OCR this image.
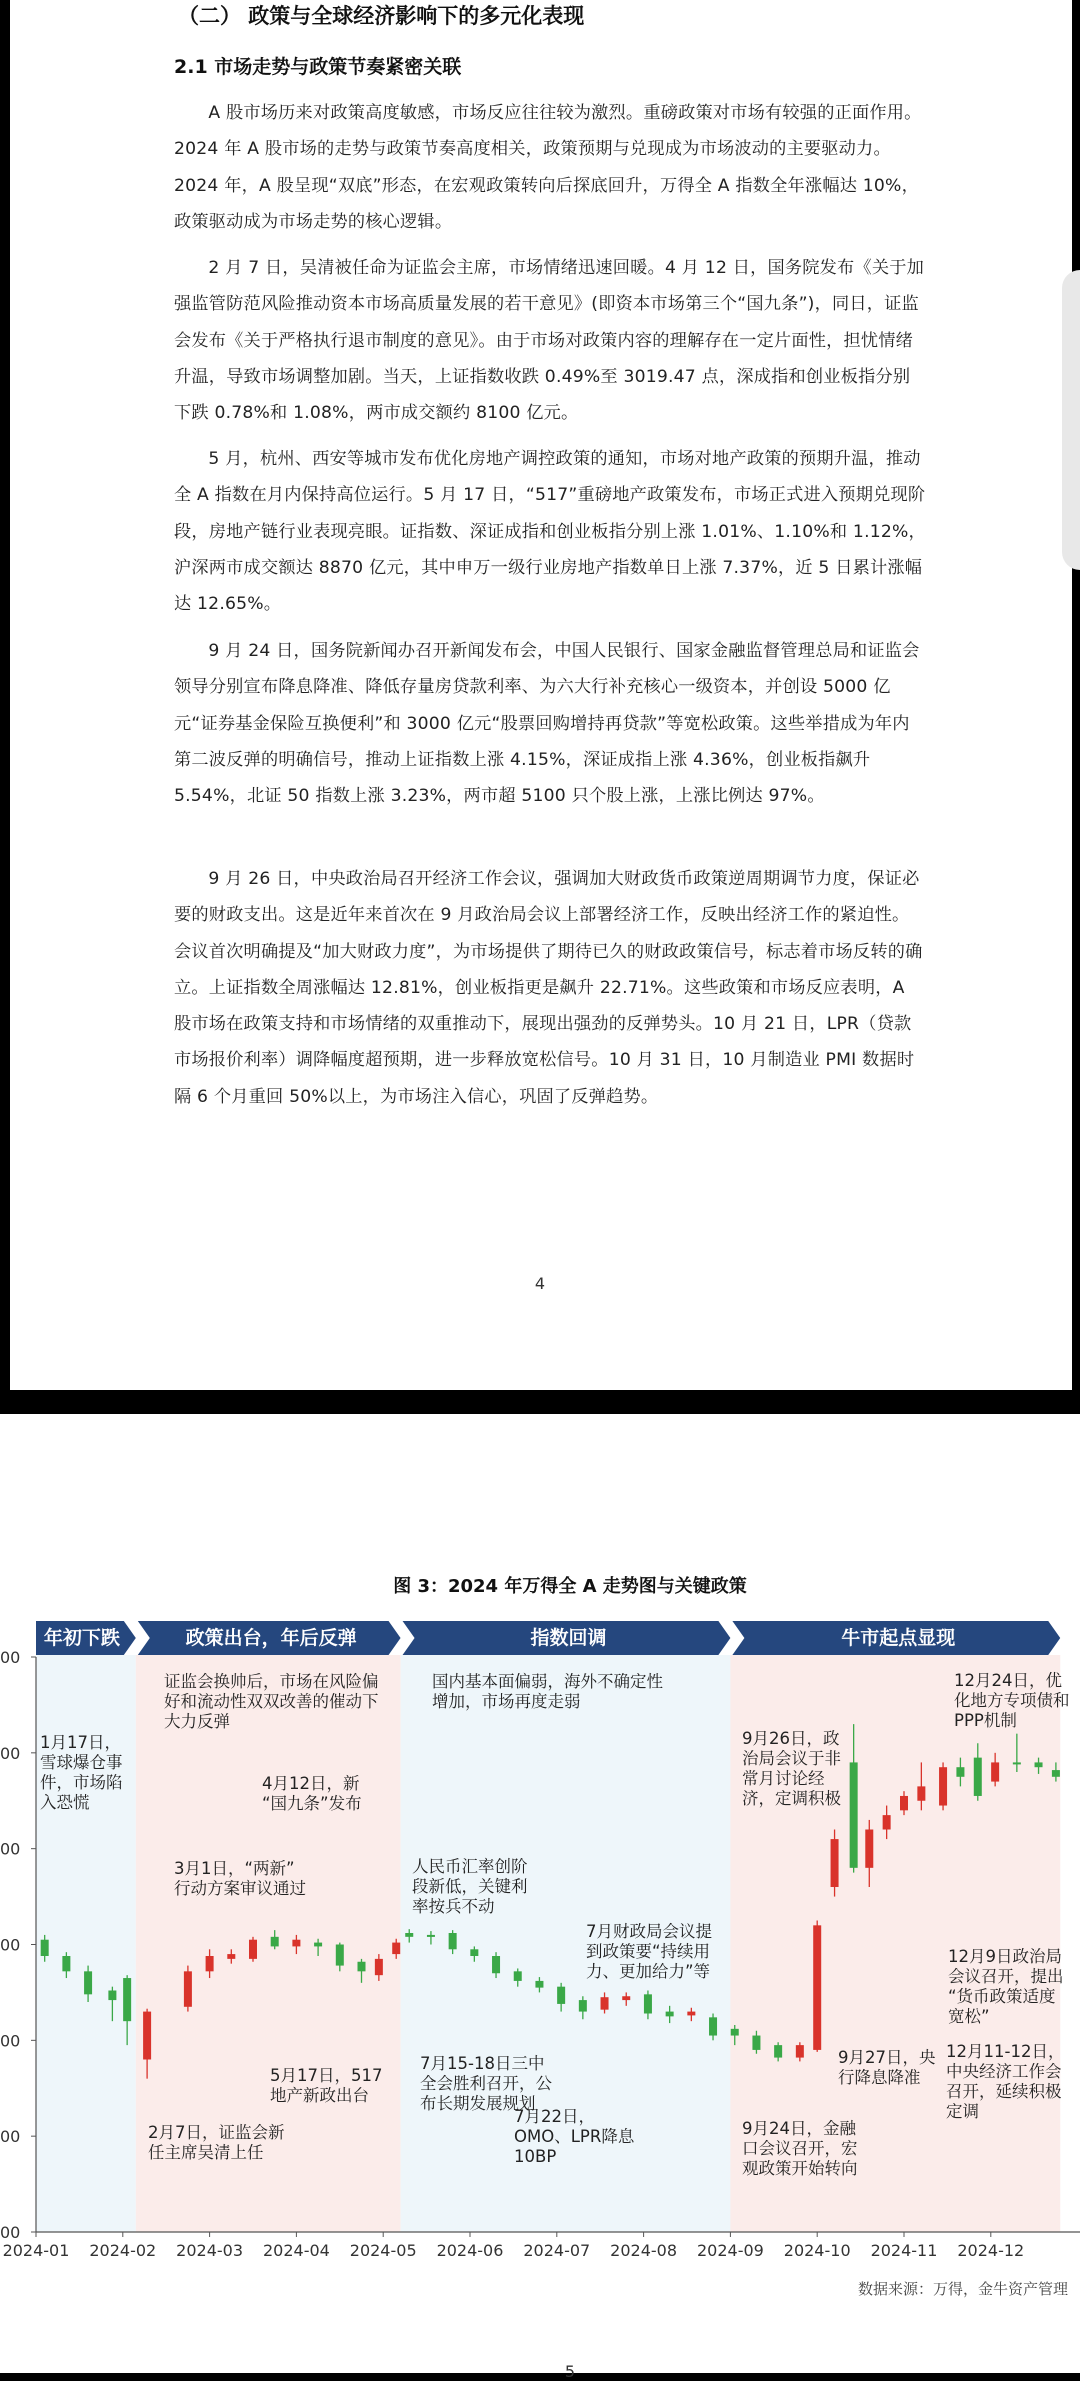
（二） 政策与全球经济影响下的多元化表现
2.1 市场走势与政策节奏紧密关联
A 股市场历来对政策高度敏感，市场反应往往较为激烈。重磅政策对市场有较强的正面作用。2024 年 A 股市场的走势与政策节奏高度相关，政策预期与兑现成为市场波动的主要驱动力。2024 年，A 股呈现“双底”形态，在宏观政策转向后探底回升，万得全 A 指数全年涨幅达 10%，政策驱动成为市场走势的核心逻辑。
2 月 7 日，吴清被任命为证监会主席，市场情绪迅速回暖。4 月 12 日，国务院发布《关于加强监管防范风险推动资本市场高质量发展的若干意见》(即资本市场第三个“国九条”)，同日，证监会发布《关于严格执行退市制度的意见》。由于市场对政策内容的理解存在一定片面性，担忧情绪升温，导致市场调整加剧。当天，上证指数收跌 0.49%至 3019.47 点，深成指和创业板指分别下跌 0.78%和 1.08%，两市成交额约 8100 亿元。
5 月，杭州、西安等城市发布优化房地产调控政策的通知，市场对地产政策的预期升温，推动全 A 指数在月内保持高位运行。5 月 17 日，“517”重磅地产政策发布，市场正式进入预期兑现阶段，房地产链行业表现亮眼。证指数、深证成指和创业板指分别上涨 1.01%、1.10%和 1.12%，沪深两市成交额达 8870 亿元，其中申万一级行业房地产指数单日上涨 7.37%，近 5 日累计涨幅达 12.65%。
9 月 24 日，国务院新闻办召开新闻发布会，中国人民银行、国家金融监督管理总局和证监会领导分别宣布降息降准、降低存量房贷款利率、为六大行补充核心一级资本，并创设 5000 亿元“证券基金保险互换便利”和 3000 亿元“股票回购增持再贷款”等宽松政策。这些举措成为年内第二波反弹的明确信号，推动上证指数上涨 4.15%，深证成指上涨 4.36%，创业板指飙升 5.54%，北证 50 指数上涨 3.23%，两市超 5100 只个股上涨，上涨比例达 97%。
9 月 26 日，中央政治局召开经济工作会议，强调加大财政货币政策逆周期调节力度，保证必要的财政支出。这是近年来首次在 9 月政治局会议上部署经济工作，反映出经济工作的紧迫性。会议首次明确提及“加大财政力度”，为市场提供了期待已久的财政政策信号，标志着市场反转的确立。上证指数全周涨幅达 12.81%，创业板指更是飙升 22.71%。这些政策和市场反应表明，A 股市场在政策支持和市场情绪的双重推动下，展现出强劲的反弹势头。10 月 21 日，LPR（贷款市场报价利率）调降幅度超预期，进一步释放宽松信号。10 月 31 日，10 月制造业 PMI 数据时隔 6 个月重回 50%以上，为市场注入信心，巩固了反弹趋势。
4
图 3：2024 年万得全 A 走势图与关键政策
年初下跌	政策出台，年后反弹	指数回调	牛市起点显现
00
00
00
00
00
00
00
2024-01 2024-02 2024-03 2024-04 2024-05 2024-06 2024-07 2024-08 2024-09 2024-10 2024-11 2024-12
1月17日，雪球爆仓事件，市场陷入恐慌
2月7日，证监会新任主席吴清上任
证监会换帅后，市场在风险偏好和流动性双双改善的催动下大力反弹
3月1日，“两新”行动方案审议通过
4月12日，新“国九条”发布
5月17日，517 地产新政出台
国内基本面偏弱，海外不确定性增加，市场再度走弱
人民币汇率创阶段新低，关键利率按兵不动
7月财政局会议提到政策要“持续用力、更加给力”等
7月15-18日三中全会胜利召开，公布长期发展规划
7月22日， OMO、LPR降息 10BP
9月26日，政治局会议于非常月讨论经济，定调积极
9月24日，金融口会议召开，宏观政策开始转向
9月27日，央行降息降准
12月24日，优化地方专项债和 PPP机制
12月9日政治局会议召开，提出“货币政策适度宽松”
12月11-12日，中央经济工作会召开，延续积极定调
数据来源：万得，金牛资产管理
5
